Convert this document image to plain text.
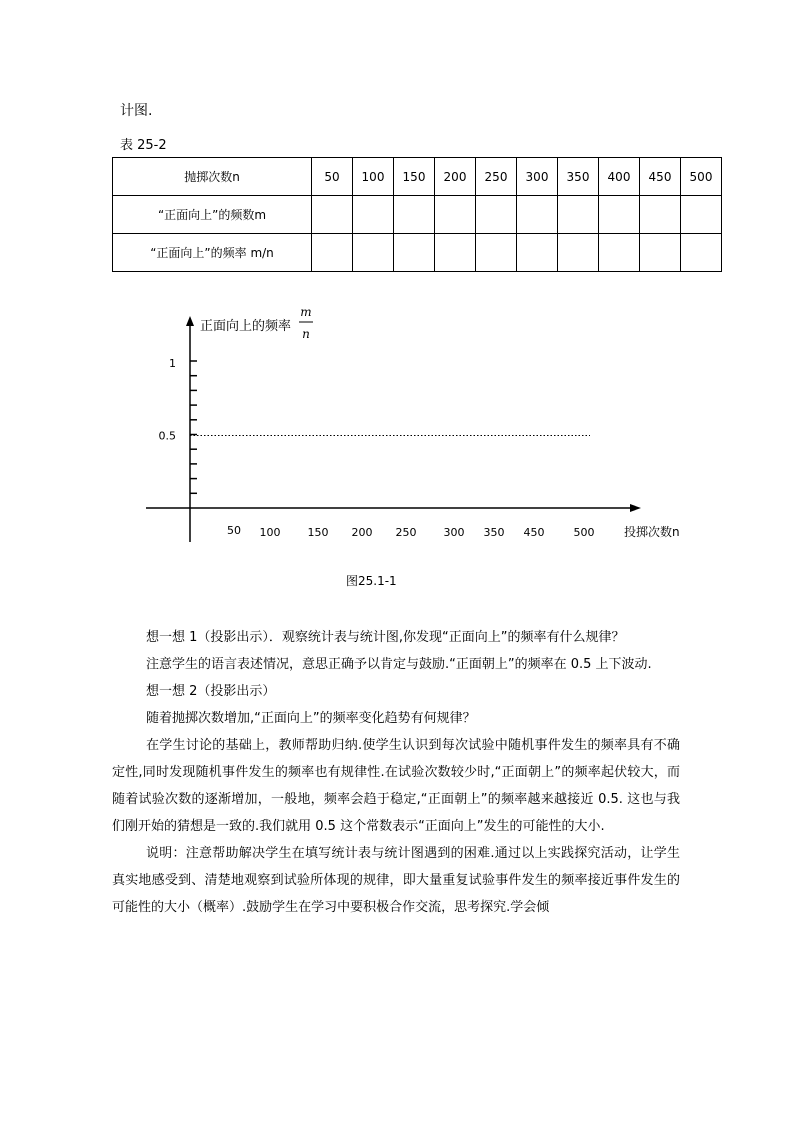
计图.
表 25-2
抛掷次数n	50	100	150	200	250	300	350	400	450	500
“正面向上”的频数m										
“正面向上”的频率 m/n										
1
0.5
50 100 150 200 250 300 350 450	500
正面向上的频率
m
n
投掷次数n
图25.1-1

想一想 1（投影出示）．观察统计表与统计图,你发现“正面向上”的频率有什么规律？

注意学生的语言表述情况，意思正确予以肯定与鼓励.“正面朝上”的频率在 0.5 上下波动.

想一想 2（投影出示）

随着抛掷次数增加,“正面向上”的频率变化趋势有何规律？

在学生讨论的基础上，教师帮助归纳.使学生认识到每次试验中随机事件发生的频率具有不确定性,同时发现随机事件发生的频率也有规律性.在试验次数较少时,“正面朝上”的频率起伏较大，而随着试验次数的逐渐增加，一般地，频率会趋于稳定,“正面朝上”的频率越来越接近 0.5. 这也与我们刚开始的猜想是一致的.我们就用 0.5 这个常数表示“正面向上”发生的可能性的大小.

说明：注意帮助解决学生在填写统计表与统计图遇到的困难.通过以上实践探究活动，让学生真实地感受到、清楚地观察到试验所体现的规律，即大量重复试验事件发生的频率接近事件发生的可能性的大小（概率）.鼓励学生在学习中要积极合作交流，思考探究.学会倾
